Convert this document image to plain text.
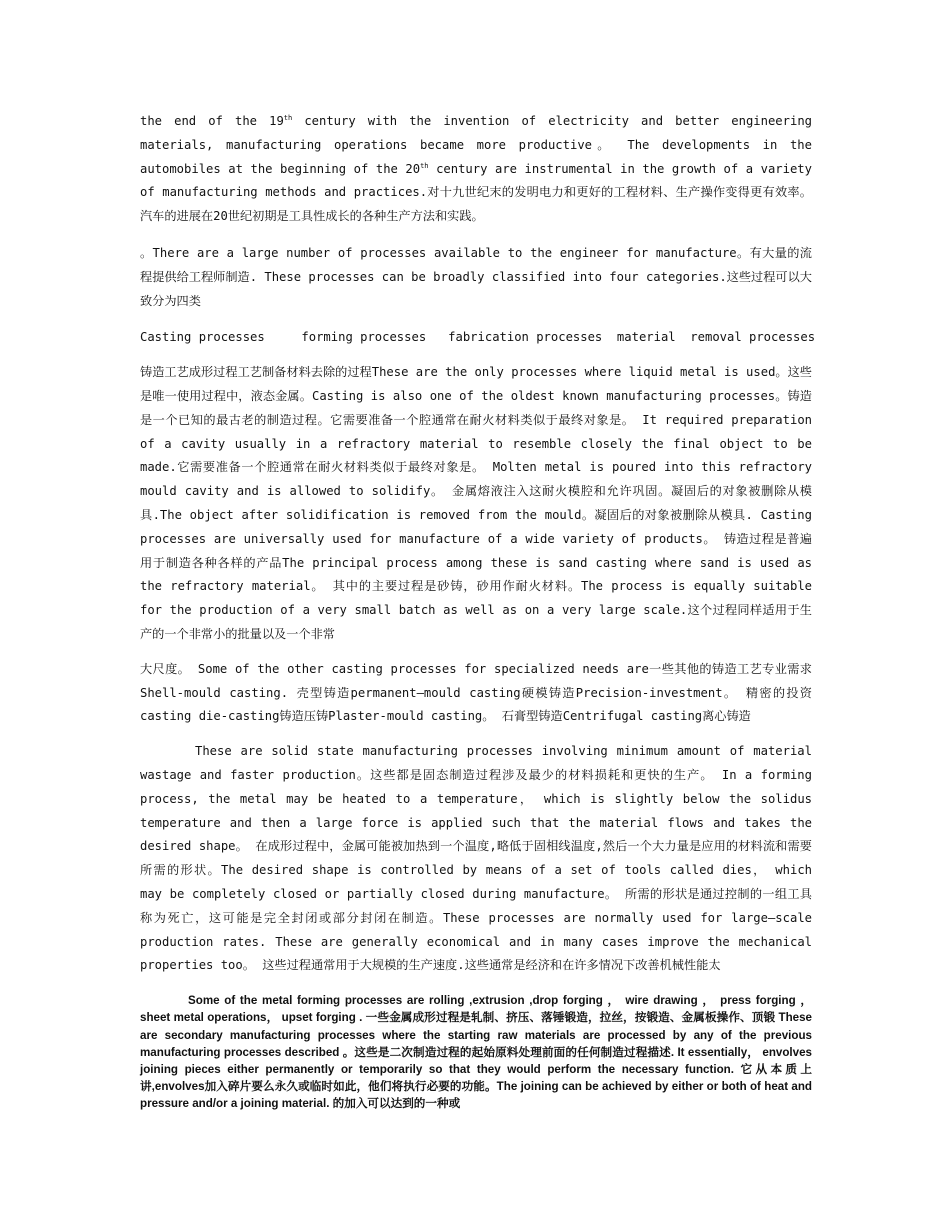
the end of the 19th century with the invention of electricity and better engineering materials, manufacturing operations became more productive。 The developments in the automobiles at the beginning of the 20th century are instrumental in the growth of a variety of manufacturing methods and practices.对十九世纪末的发明电力和更好的工程材料、生产操作变得更有效率。汽车的进展在20世纪初期是工具性成长的各种生产方法和实践。

。There are a large number of processes available to the engineer for manufacture。有大量的流程提供给工程师制造. These processes can be broadly classified into four categories.这些过程可以大致分为四类

Casting processes     forming processes   fabrication processes  material  removal processes

铸造工艺成形过程工艺制备材料去除的过程These are the only processes where liquid metal is used。这些是唯一使用过程中，液态金属。Casting is also one of the oldest known manufacturing processes。铸造是一个已知的最古老的制造过程。它需要准备一个腔通常在耐火材料类似于最终对象是。 It required preparation of a cavity usually in a refractory material to resemble closely the final object to be made.它需要准备一个腔通常在耐火材料类似于最终对象是。 Molten metal is poured into this refractory mould cavity and is allowed to solidify。 金属熔液注入这耐火模腔和允许巩固。凝固后的对象被删除从模具.The object after solidification is removed from the mould。凝固后的对象被删除从模具. Casting processes are universally used for manufacture of a wide variety of products。 铸造过程是普遍用于制造各种各样的产品The principal process among these is sand casting where sand is used as the refractory material。 其中的主要过程是砂铸，砂用作耐火材料。The process is equally suitable for the production of a very small batch as well as on a very large scale.这个过程同样适用于生产的一个非常小的批量以及一个非常

大尺度。 Some of the other casting processes for specialized needs are一些其他的铸造工艺专业需求Shell-mould casting. 壳型铸造permanent—mould casting硬模铸造Precision-investment。 精密的投资casting die-casting铸造压铸Plaster-mould casting。 石膏型铸造Centrifugal casting离心铸造

These are solid state manufacturing processes involving minimum amount of material wastage and faster production。这些都是固态制造过程涉及最少的材料损耗和更快的生产。 In a forming process, the metal may be heated to a temperature， which is slightly below the solidus temperature and then a large force is applied such that the material flows and takes the desired shape。 在成形过程中，金属可能被加热到一个温度,略低于固相线温度,然后一个大力量是应用的材料流和需要所需的形状。The desired shape is controlled by means of a set of tools called dies， which may be completely closed or partially closed during manufacture。 所需的形状是通过控制的一组工具称为死亡，这可能是完全封闭或部分封闭在制造。These processes are normally used for large—scale production rates. These are generally economical and in many cases improve the mechanical properties too。 这些过程通常用于大规模的生产速度.这些通常是经济和在许多情况下改善机械性能太

Some of the metal forming processes are rolling ,extrusion ,drop forging ， wire drawing ， press forging ，sheet metal operations， upset forging . 一些金属成形过程是轧制、挤压、落锤锻造，拉丝，按锻造、金属板操作、顶锻 These are secondary manufacturing processes where the starting raw materials are processed by any of the previous manufacturing processes described 。这些是二次制造过程的起始原料处理前面的任何制造过程描述. It essentially， envolves joining pieces either permanently or temporarily so that they would perform the necessary function. 它从本质上讲,envolves加入碎片要么永久或临时如此，他们将执行必要的功能。The joining can be achieved by either or both of heat and pressure and/or a joining material. 的加入可以达到的一种或
